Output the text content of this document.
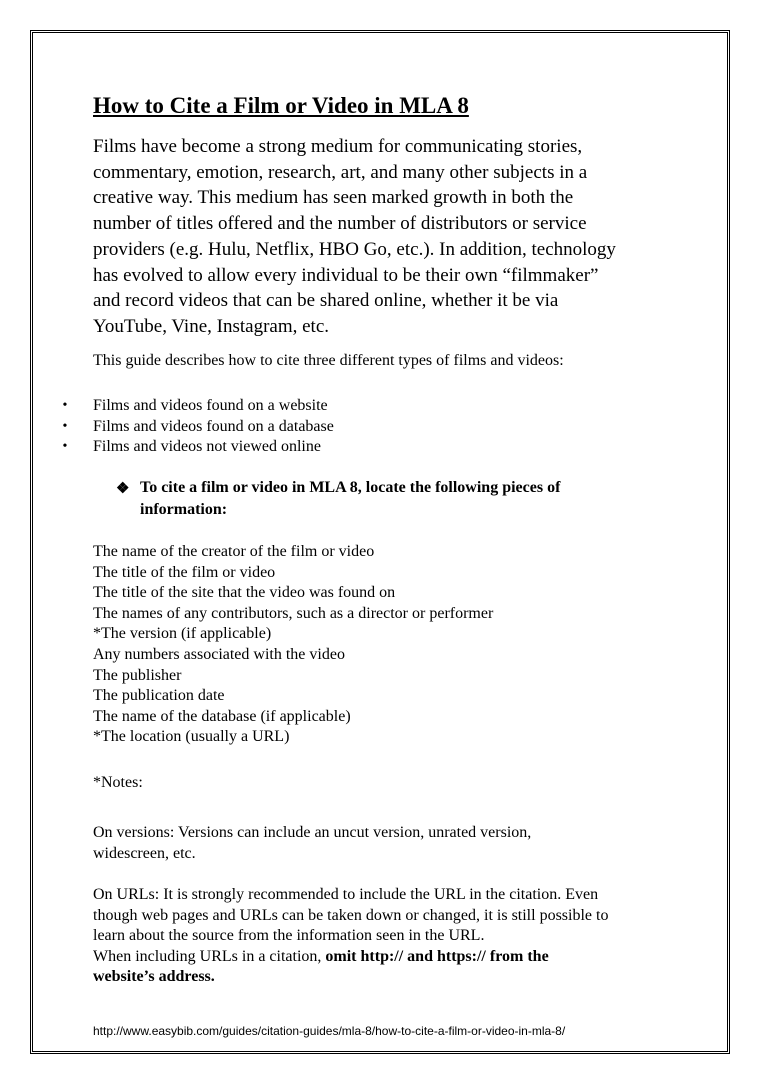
How to Cite a Film or Video in MLA 8
Films have become a strong medium for communicating stories,
commentary, emotion, research, art, and many other subjects in a
creative way. This medium has seen marked growth in both the
number of titles offered and the number of distributors or service
providers (e.g. Hulu, Netflix, HBO Go, etc.). In addition, technology
has evolved to allow every individual to be their own “filmmaker”
and record videos that can be shared online, whether it be via
YouTube, Vine, Instagram, etc.
This guide describes how to cite three different types of films and videos:
• Films and videos found on a website
• Films and videos found on a database
• Films and videos not viewed online
❖ To cite a film or video in MLA 8, locate the following pieces of
information:
The name of the creator of the film or video
The title of the film or video
The title of the site that the video was found on
The names of any contributors, such as a director or performer
*The version (if applicable)
Any numbers associated with the video
The publisher
The publication date
The name of the database (if applicable)
*The location (usually a URL)
*Notes:
On versions: Versions can include an uncut version, unrated version,
widescreen, etc.
On URLs: It is strongly recommended to include the URL in the citation. Even
though web pages and URLs can be taken down or changed, it is still possible to
learn about the source from the information seen in the URL.
When including URLs in a citation, omit http:// and https:// from the
website’s address.
http://www.easybib.com/guides/citation-guides/mla-8/how-to-cite-a-film-or-video-in-mla-8/
